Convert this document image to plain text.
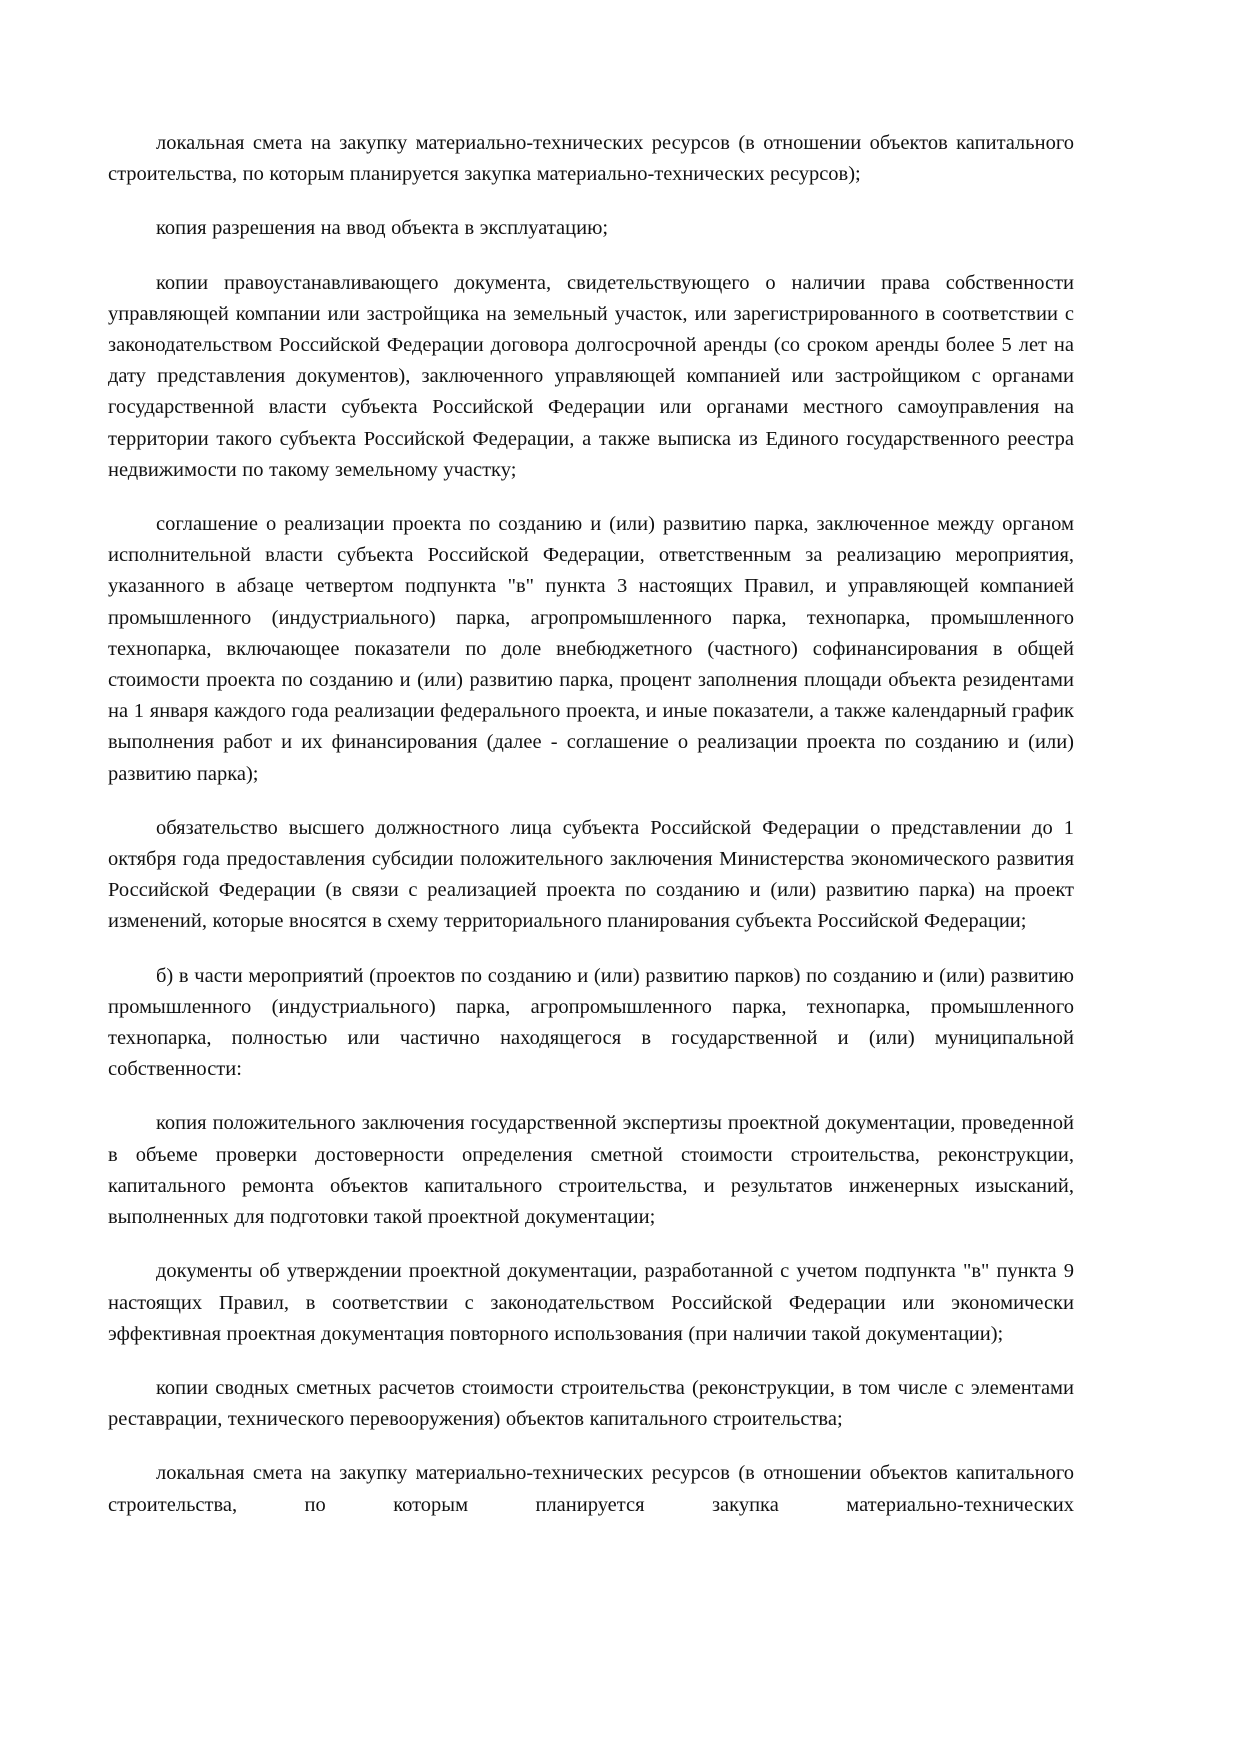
локальная смета на закупку материально-технических ресурсов (в отношении объектов капитального строительства, по которым планируется закупка материально-технических ресурсов);

копия разрешения на ввод объекта в эксплуатацию;

копии правоустанавливающего документа, свидетельствующего о наличии права собственности управляющей компании или застройщика на земельный участок, или зарегистрированного в соответствии с законодательством Российской Федерации договора долгосрочной аренды (со сроком аренды более 5 лет на дату представления документов), заключенного управляющей компанией или застройщиком с органами государственной власти субъекта Российской Федерации или органами местного самоуправления на территории такого субъекта Российской Федерации, а также выписка из Единого государственного реестра недвижимости по такому земельному участку;

соглашение о реализации проекта по созданию и (или) развитию парка, заключенное между органом исполнительной власти субъекта Российской Федерации, ответственным за реализацию мероприятия, указанного в абзаце четвертом подпункта "в" пункта 3 настоящих Правил, и управляющей компанией промышленного (индустриального) парка, агропромышленного парка, технопарка, промышленного технопарка, включающее показатели по доле внебюджетного (частного) софинансирования в общей стоимости проекта по созданию и (или) развитию парка, процент заполнения площади объекта резидентами на 1 января каждого года реализации федерального проекта, и иные показатели, а также календарный график выполнения работ и их финансирования (далее - соглашение о реализации проекта по созданию и (или) развитию парка);

обязательство высшего должностного лица субъекта Российской Федерации о представлении до 1 октября года предоставления субсидии положительного заключения Министерства экономического развития Российской Федерации (в связи с реализацией проекта по созданию и (или) развитию парка) на проект изменений, которые вносятся в схему территориального планирования субъекта Российской Федерации;

б) в части мероприятий (проектов по созданию и (или) развитию парков) по созданию и (или) развитию промышленного (индустриального) парка, агропромышленного парка, технопарка, промышленного технопарка, полностью или частично находящегося в государственной и (или) муниципальной собственности:

копия положительного заключения государственной экспертизы проектной документации, проведенной в объеме проверки достоверности определения сметной стоимости строительства, реконструкции, капитального ремонта объектов капитального строительства, и результатов инженерных изысканий, выполненных для подготовки такой проектной документации;

документы об утверждении проектной документации, разработанной с учетом подпункта "в" пункта 9 настоящих Правил, в соответствии с законодательством Российской Федерации или экономически эффективная проектная документация повторного использования (при наличии такой документации);

копии сводных сметных расчетов стоимости строительства (реконструкции, в том числе с элементами реставрации, технического перевооружения) объектов капитального строительства;

локальная смета на закупку материально-технических ресурсов (в отношении объектов капитального строительства, по которым планируется закупка материально-технических
